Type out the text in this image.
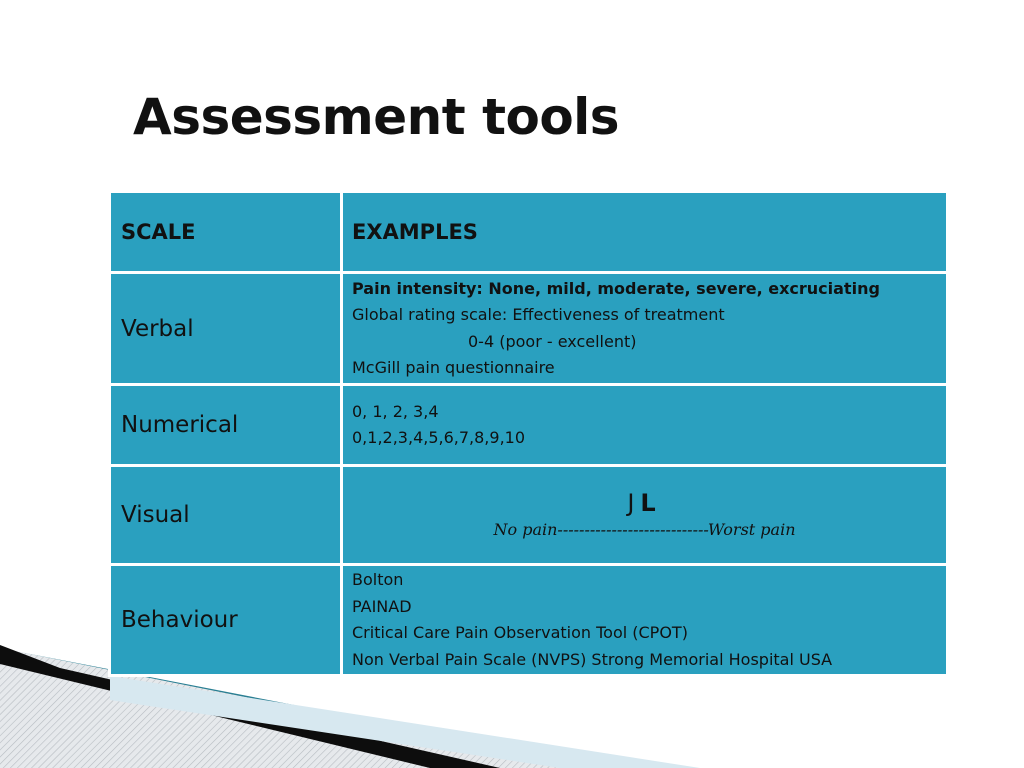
Assessment tools
SCALE	EXAMPLES
Verbal	Pain intensity: None, mild, moderate, severe, excruciating
Global rating scale: Effectiveness of treatment
0-4 (poor - excellent)
McGill pain questionnaire

Numerical	0, 1, 2, 3,4
0,1,2,3,4,5,6,7,8,9,10

Visual	JL
No pain----------------------------Worst pain

Behaviour	Bolton
PAINAD
Critical Care Pain Observation Tool (CPOT)
Non Verbal Pain Scale (NVPS) Strong Memorial Hospital USA
